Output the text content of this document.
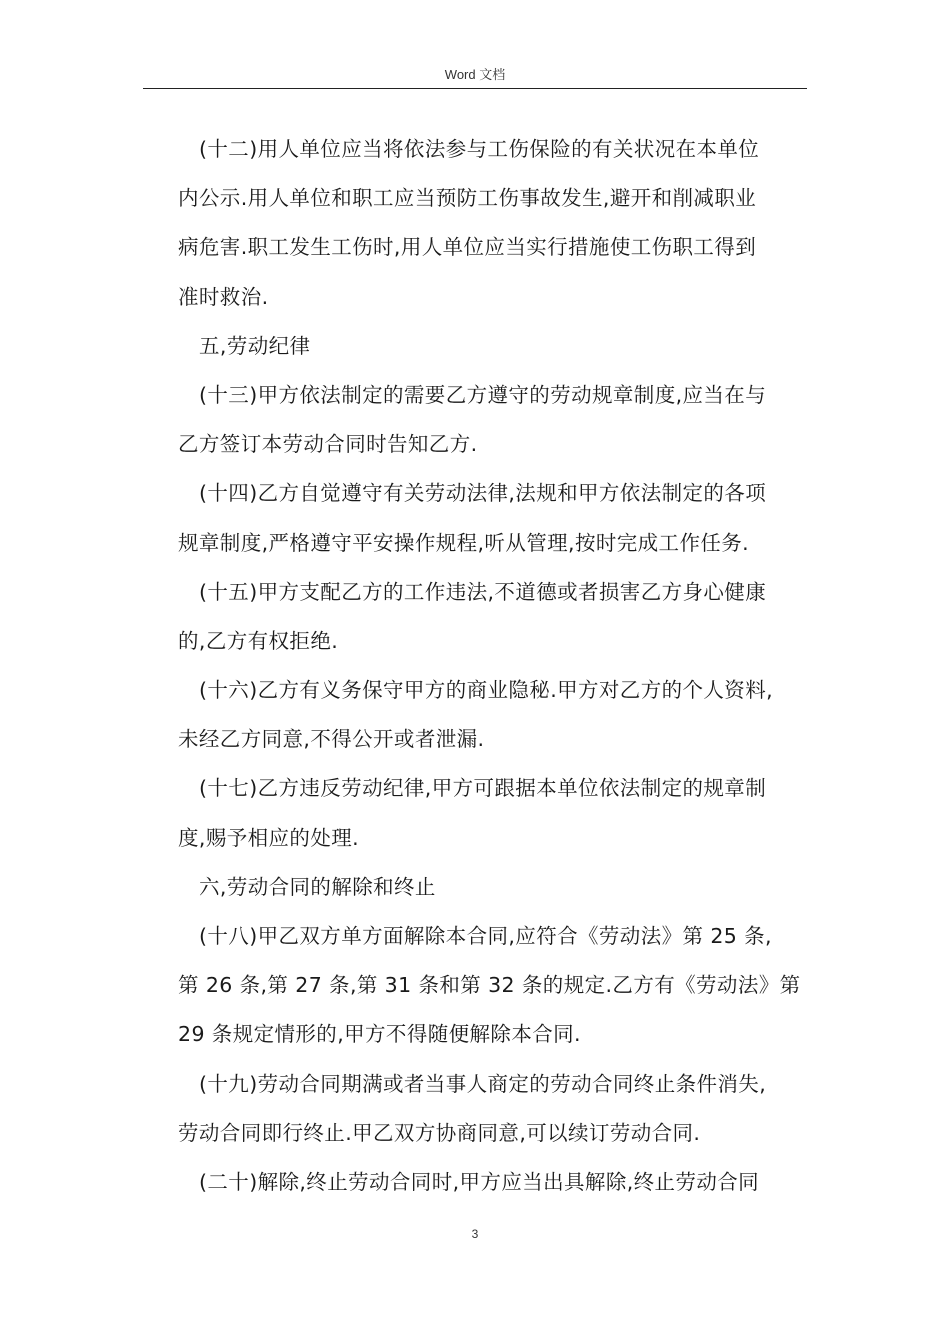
Word 文档
(十二)用人单位应当将依法参与工伤保险的有关状况在本单位
内公示.用人单位和职工应当预防工伤事故发生,避开和削减职业
病危害.职工发生工伤时,用人单位应当实行措施使工伤职工得到
准时救治.
五,劳动纪律
(十三)甲方依法制定的需要乙方遵守的劳动规章制度,应当在与
乙方签订本劳动合同时告知乙方.
(十四)乙方自觉遵守有关劳动法律,法规和甲方依法制定的各项
规章制度,严格遵守平安操作规程,听从管理,按时完成工作任务.
(十五)甲方支配乙方的工作违法,不道德或者损害乙方身心健康
的,乙方有权拒绝.
(十六)乙方有义务保守甲方的商业隐秘.甲方对乙方的个人资料,
未经乙方同意,不得公开或者泄漏.
(十七)乙方违反劳动纪律,甲方可跟据本单位依法制定的规章制
度,赐予相应的处理.
六,劳动合同的解除和终止
(十八)甲乙双方单方面解除本合同,应符合《劳动法》第 25 条,
第 26 条,第 27 条,第 31 条和第 32 条的规定.乙方有《劳动法》第
29 条规定情形的,甲方不得随便解除本合同.
(十九)劳动合同期满或者当事人商定的劳动合同终止条件消失,
劳动合同即行终止.甲乙双方协商同意,可以续订劳动合同.
(二十)解除,终止劳动合同时,甲方应当出具解除,终止劳动合同
3
